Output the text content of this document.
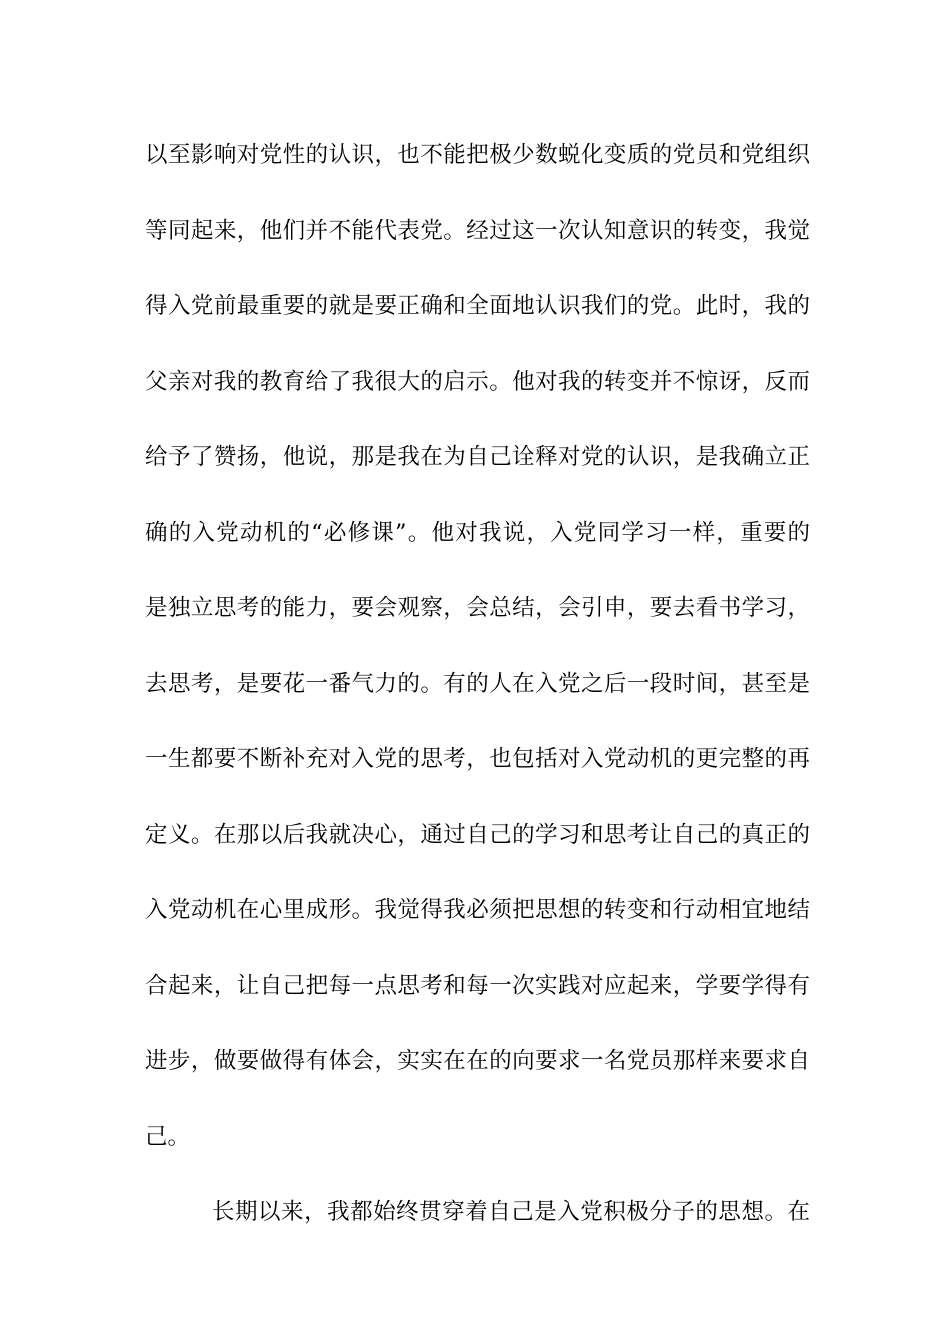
以至影响对党性的认识，也不能把极少数蜕化变质的党员和党组织
等同起来，他们并不能代表党。经过这一次认知意识的转变，我觉
得入党前最重要的就是要正确和全面地认识我们的党。此时，我的
父亲对我的教育给了我很大的启示。他对我的转变并不惊讶，反而
给予了赞扬，他说，那是我在为自己诠释对党的认识，是我确立正
确的入党动机的“必修课”。他对我说，入党同学习一样，重要的
是独立思考的能力，要会观察，会总结，会引申，要去看书学习，
去思考，是要花一番气力的。有的人在入党之后一段时间，甚至是
一生都要不断补充对入党的思考，也包括对入党动机的更完整的再
定义。在那以后我就决心，通过自己的学习和思考让自己的真正的
入党动机在心里成形。我觉得我必须把思想的转变和行动相宜地结
合起来，让自己把每一点思考和每一次实践对应起来，学要学得有
进步，做要做得有体会，实实在在的向要求一名党员那样来要求自
己。
长期以来，我都始终贯穿着自己是入党积极分子的思想。在
